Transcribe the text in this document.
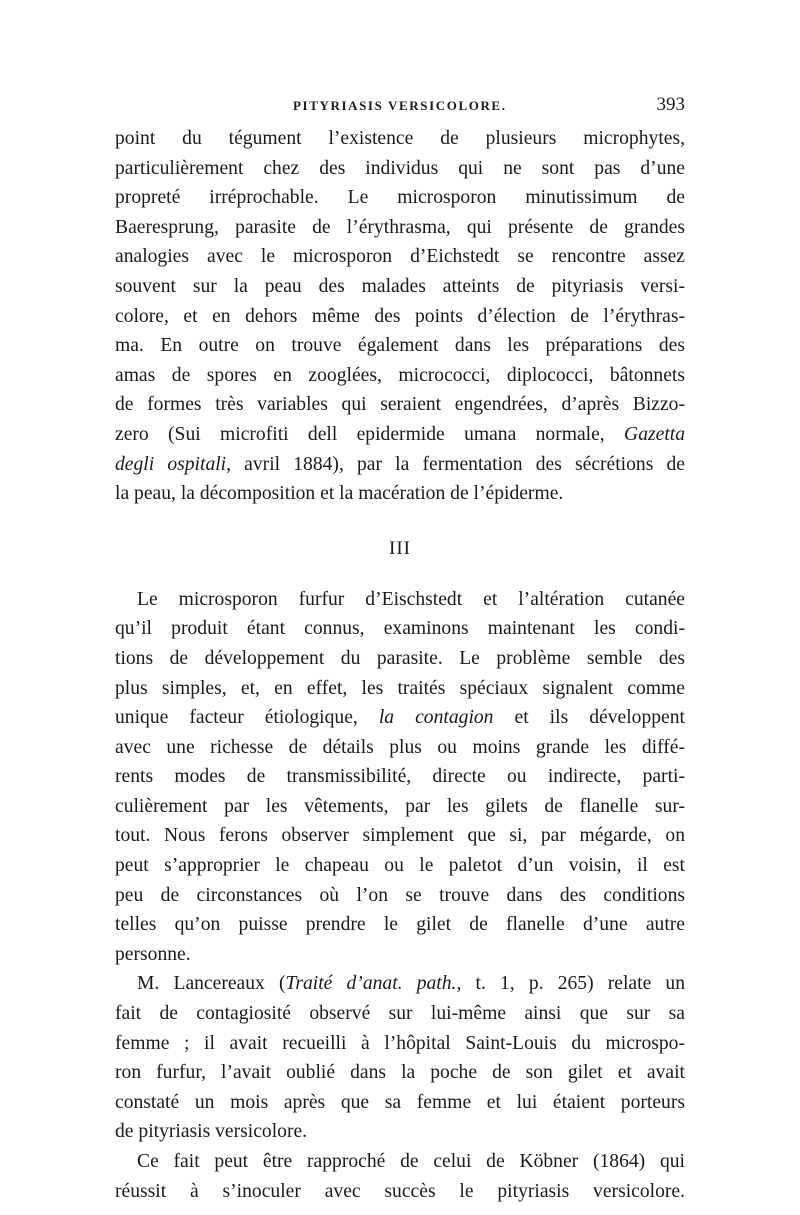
PITYRIASIS VERSICOLORE.	393
point du tégument l’existence de plusieurs microphytes,
particulièrement chez des individus qui ne sont pas d’une
propreté irréprochable. Le microsporon minutissimum de
Baeresprung, parasite de l’érythrasma, qui présente de grandes
analogies avec le microsporon d’Eichstedt se rencontre assez
souvent sur la peau des malades atteints de pityriasis versi-
colore, et en dehors même des points d’élection de l’érythras-
ma. En outre on trouve également dans les préparations des
amas de spores en zooglées, micrococci, diplococci, bâtonnets
de formes très variables qui seraient engendrées, d’après Bizzo-
zero (Sui microfiti dell epidermide umana normale, Gazetta
degli ospitali, avril 1884), par la fermentation des sécrétions de
la peau, la décomposition et la macération de l’épiderme.
III
Le microsporon furfur d’Eischstedt et l’altération cutanée
qu’il produit étant connus, examinons maintenant les condi-
tions de développement du parasite. Le problème semble des
plus simples, et, en effet, les traités spéciaux signalent comme
unique facteur étiologique, la contagion et ils développent
avec une richesse de détails plus ou moins grande les diffé-
rents modes de transmissibilité, directe ou indirecte, parti-
culièrement par les vêtements, par les gilets de flanelle sur-
tout. Nous ferons observer simplement que si, par mégarde, on
peut s’approprier le chapeau ou le paletot d’un voisin, il est
peu de circonstances où l’on se trouve dans des conditions
telles qu’on puisse prendre le gilet de flanelle d’une autre
personne.
M. Lancereaux (Traité d’anat. path., t. 1, p. 265) relate un
fait de contagiosité observé sur lui-même ainsi que sur sa
femme ; il avait recueilli à l’hôpital Saint-Louis du microspo-
ron furfur, l’avait oublié dans la poche de son gilet et avait
constaté un mois après que sa femme et lui étaient porteurs
de pityriasis versicolore.
Ce fait peut être rapproché de celui de Köbner (1864) qui
réussit à s’inoculer avec succès le pityriasis versicolore.
